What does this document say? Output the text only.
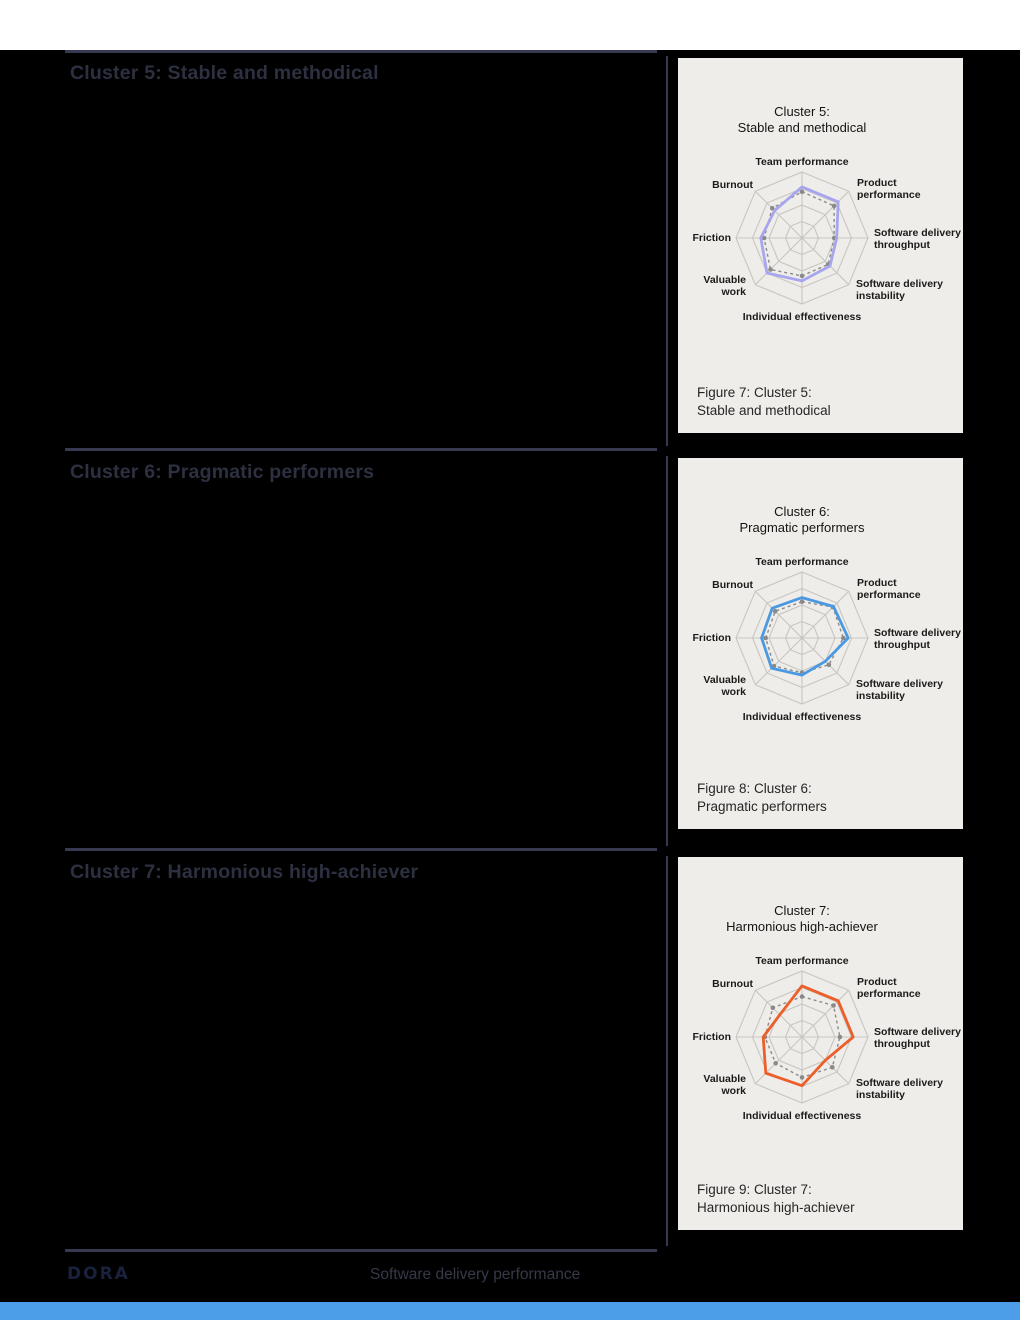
Cluster 5: Stable and methodical
Cluster 5:
Stable and methodical
Team performance
Product
performance
Software delivery
throughput
Software delivery
instability
Individual effectiveness
Valuable
work
Friction
Burnout
Figure 7: Cluster 5:
Stable and methodical
Cluster 6: Pragmatic performers
Cluster 6:
Pragmatic performers
Team performance
Product
performance
Software delivery
throughput
Software delivery
instability
Individual effectiveness
Valuable
work
Friction
Burnout
Figure 8: Cluster 6:
Pragmatic performers
Cluster 7: Harmonious high-achiever
Cluster 7:
Harmonious high-achiever
Team performance
Product
performance
Software delivery
throughput
Software delivery
instability
Individual effectiveness
Valuable
work
Friction
Burnout
Figure 9: Cluster 7:
Harmonious high-achiever
DORA	Software delivery performance
